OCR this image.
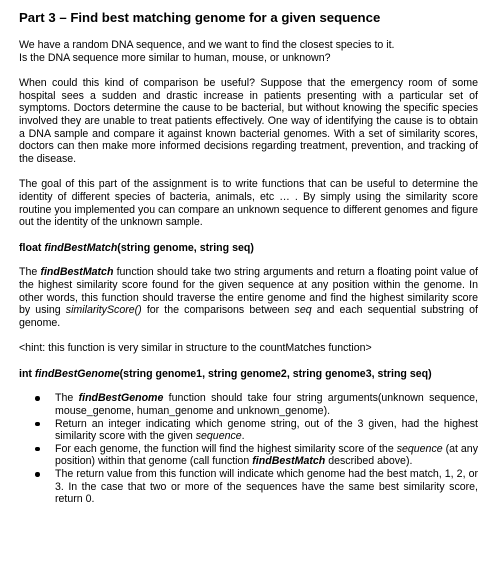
Part 3 – Find best matching genome for a given sequence
We have a random DNA sequence, and we want to find the closest species to it.
Is the DNA sequence more similar to human, mouse, or unknown?

When could this kind of comparison be useful? Suppose that the emergency room of some hospital sees a sudden and drastic increase in patients presenting with a particular set of symptoms. Doctors determine the cause to be bacterial, but without knowing the specific species involved they are unable to treat patients effectively. One way of identifying the cause is to obtain a DNA sample and compare it against known bacterial genomes. With a set of similarity scores, doctors can then make more informed decisions regarding treatment, prevention, and tracking of the disease.

The goal of this part of the assignment is to write functions that can be useful to determine the identity of different species of bacteria, animals, etc … . By simply using the similarity score routine you implemented you can compare an unknown sequence to different genomes and figure out the identity of the unknown sample.

float findBestMatch(string genome, string seq)

The findBestMatch function should take two string arguments and return a floating point value of the highest similarity score found for the given sequence at any position within the genome. In other words, this function should traverse the entire genome and find the highest similarity score by using similarityScore() for the comparisons between seq and each sequential substring of genome.

<hint: this function is very similar in structure to the countMatches function>
int findBestGenome(string genome1, string genome2, string genome3, string seq)
The findBestGenome function should take four string arguments(unknown sequence, mouse_genome, human_genome and unknown_genome).
Return an integer indicating which genome string, out of the 3 given, had the highest similarity score with the given sequence.
For each genome, the function will find the highest similarity score of the sequence (at any position) within that genome (call function findBestMatch described above).
The return value from this function will indicate which genome had the best match, 1, 2, or 3. In the case that two or more of the sequences have the same best similarity score, return 0.
